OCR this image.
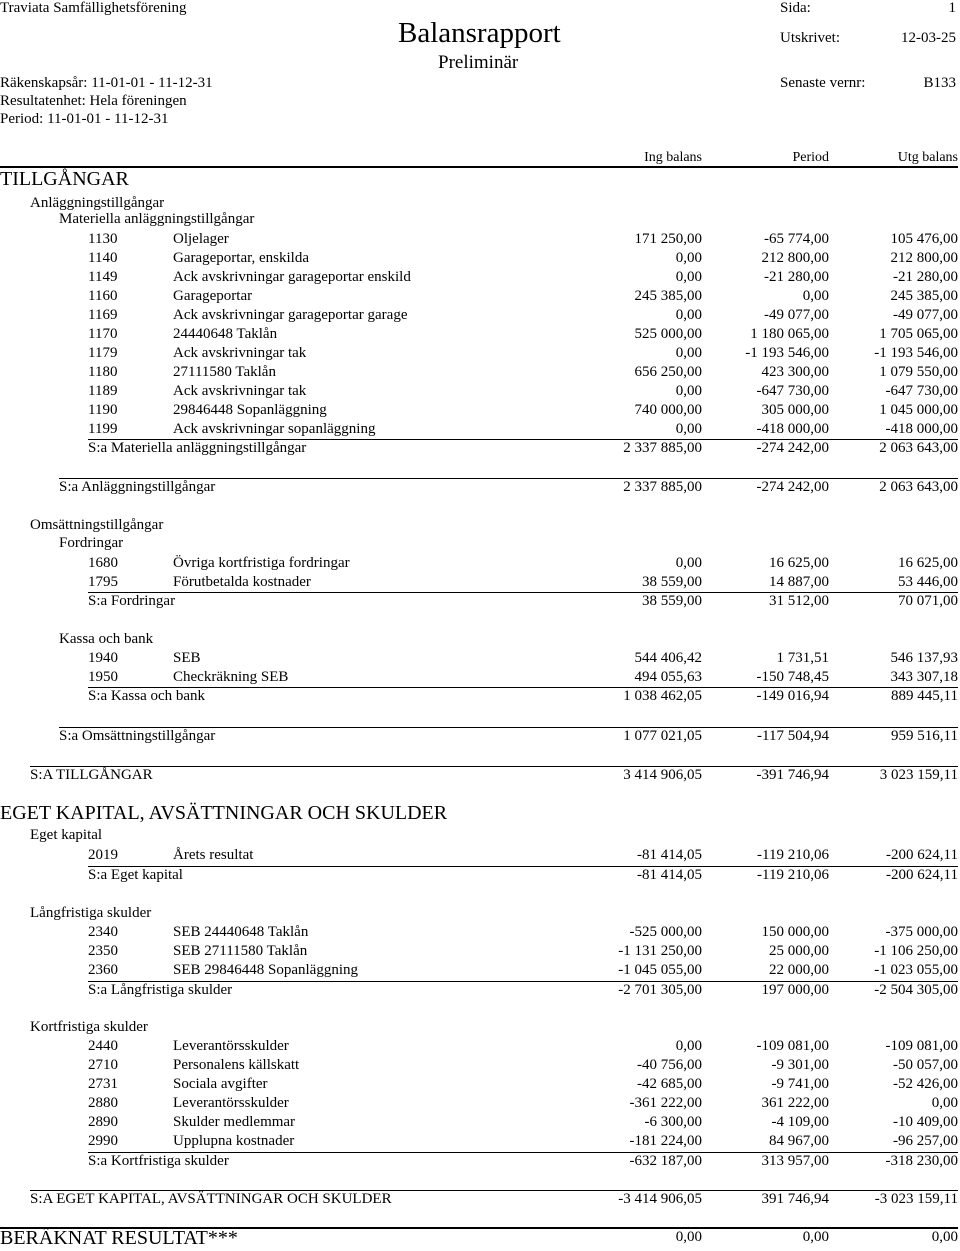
Traviata Samfällighetsförening
Balansrapport
Preliminär
Sida:	1
Utskrivet:	12-03-25
Räkenskapsår: 11-01-01 - 11-12-31
Resultatenhet: Hela föreningen
Period: 11-01-01 - 11-12-31
Senaste vernr:	B133
Ing balans	Period	Utg balans
TILLGÅNGAR
Anläggningstillgångar
Materiella anläggningstillgångar
1130	Oljelager	171 250,00	-65 774,00	105 476,00
1140	Garageportar, enskilda	0,00	212 800,00	212 800,00
1149	Ack avskrivningar garageportar enskild	0,00	-21 280,00	-21 280,00
1160	Garageportar	245 385,00	0,00	245 385,00
1169	Ack avskrivningar garageportar garage	0,00	-49 077,00	-49 077,00
1170	24440648 Taklån	525 000,00	1 180 065,00	1 705 065,00
1179	Ack avskrivningar tak	0,00	-1 193 546,00	-1 193 546,00
1180	27111580 Taklån	656 250,00	423 300,00	1 079 550,00
1189	Ack avskrivningar tak	0,00	-647 730,00	-647 730,00
1190	29846448 Sopanläggning	740 000,00	305 000,00	1 045 000,00
1199	Ack avskrivningar sopanläggning	0,00	-418 000,00	-418 000,00
S:a Materiella anläggningstillgångar	2 337 885,00	-274 242,00	2 063 643,00
S:a Anläggningstillgångar	2 337 885,00	-274 242,00	2 063 643,00
Omsättningstillgångar
Fordringar
1680	Övriga kortfristiga fordringar	0,00	16 625,00	16 625,00
1795	Förutbetalda kostnader	38 559,00	14 887,00	53 446,00
S:a Fordringar	38 559,00	31 512,00	70 071,00
Kassa och bank
1940	SEB	544 406,42	1 731,51	546 137,93
1950	Checkräkning SEB	494 055,63	-150 748,45	343 307,18
S:a Kassa och bank	1 038 462,05	-149 016,94	889 445,11
S:a Omsättningstillgångar	1 077 021,05	-117 504,94	959 516,11
S:A TILLGÅNGAR	3 414 906,05	-391 746,94	3 023 159,11
EGET KAPITAL, AVSÄTTNINGAR OCH SKULDER
Eget kapital
2019	Årets resultat	-81 414,05	-119 210,06	-200 624,11
S:a Eget kapital	-81 414,05	-119 210,06	-200 624,11
Långfristiga skulder
2340	SEB 24440648 Taklån	-525 000,00	150 000,00	-375 000,00
2350	SEB 27111580 Taklån	-1 131 250,00	25 000,00	-1 106 250,00
2360	SEB 29846448 Sopanläggning	-1 045 055,00	22 000,00	-1 023 055,00
S:a Långfristiga skulder	-2 701 305,00	197 000,00	-2 504 305,00
Kortfristiga skulder
2440	Leverantörsskulder	0,00	-109 081,00	-109 081,00
2710	Personalens källskatt	-40 756,00	-9 301,00	-50 057,00
2731	Sociala avgifter	-42 685,00	-9 741,00	-52 426,00
2880	Leverantörsskulder	-361 222,00	361 222,00	0,00
2890	Skulder medlemmar	-6 300,00	-4 109,00	-10 409,00
2990	Upplupna kostnader	-181 224,00	84 967,00	-96 257,00
S:a Kortfristiga skulder	-632 187,00	313 957,00	-318 230,00
S:A EGET KAPITAL, AVSÄTTNINGAR OCH SKULDER	-3 414 906,05	391 746,94	-3 023 159,11
BERÄKNAT RESULTAT***	0,00	0,00	0,00
